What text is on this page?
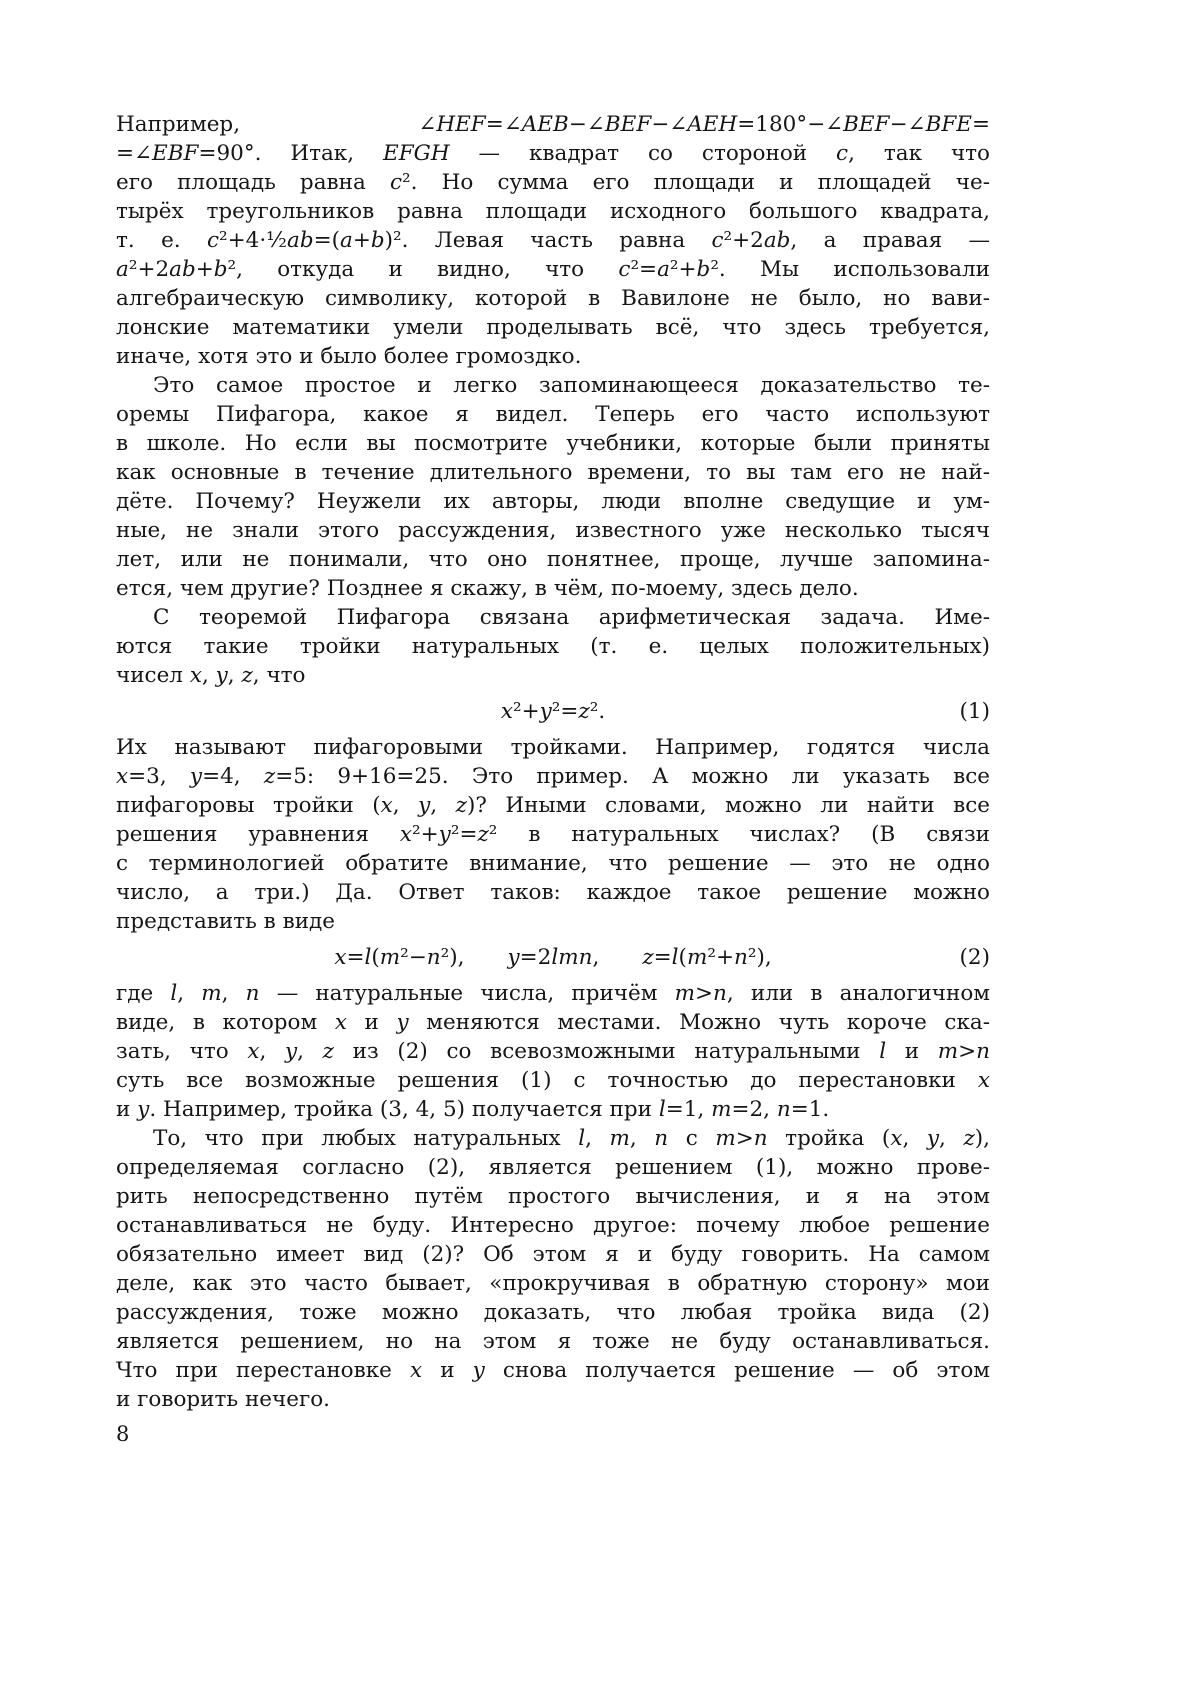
Например, ∠HEF=∠AEB−∠BEF−∠AEH=180°−∠BEF−∠BFE=
=∠EBF=90°. Итак, EFGH — квадрат со стороной c, так что
его площадь равна c². Но сумма его площади и площадей че-
тырёх треугольников равна площади исходного большого квадрата,
т. е. c²+4·½ab=(a+b)². Левая часть равна c²+2ab, а правая —
a²+2ab+b², откуда и видно, что c²=a²+b². Мы использовали
алгебраическую символику, которой в Вавилоне не было, но вави-
лонские математики умели проделывать всё, что здесь требуется,
иначе, хотя это и было более громоздко.
Это самое простое и легко запоминающееся доказательство те-
оремы Пифагора, какое я видел. Теперь его часто используют
в школе. Но если вы посмотрите учебники, которые были приняты
как основные в течение длительного времени, то вы там его не най-
дёте. Почему? Неужели их авторы, люди вполне сведущие и ум-
ные, не знали этого рассуждения, известного уже несколько тысяч
лет, или не понимали, что оно понятнее, проще, лучше запомина-
ется, чем другие? Позднее я скажу, в чём, по-моему, здесь дело.
С теоремой Пифагора связана арифметическая задача. Име-
ются такие тройки натуральных (т. е. целых положительных)
чисел x, y, z, что
x²+y²=z².	(1)
Их называют пифагоровыми тройками. Например, годятся числа
x=3, y=4, z=5: 9+16=25. Это пример. А можно ли указать все
пифагоровы тройки (x, y, z)? Иными словами, можно ли найти все
решения уравнения x²+y²=z² в натуральных числах? (В связи
с терминологией обратите внимание, что решение — это не одно
число, а три.) Да. Ответ таков: каждое такое решение можно
представить в виде
x=l(m²−n²),  y=2lmn,  z=l(m²+n²),	(2)
где l, m, n — натуральные числа, причём m>n, или в аналогичном
виде, в котором x и y меняются местами. Можно чуть короче ска-
зать, что x, y, z из (2) со всевозможными натуральными l и m>n
суть все возможные решения (1) с точностью до перестановки x
и y. Например, тройка (3, 4, 5) получается при l=1, m=2, n=1.
То, что при любых натуральных l, m, n с m>n тройка (x, y, z),
определяемая согласно (2), является решением (1), можно прове-
рить непосредственно путём простого вычисления, и я на этом
останавливаться не буду. Интересно другое: почему любое решение
обязательно имеет вид (2)? Об этом я и буду говорить. На самом
деле, как это часто бывает, «прокручивая в обратную сторону» мои
рассуждения, тоже можно доказать, что любая тройка вида (2)
является решением, но на этом я тоже не буду останавливаться.
Что при перестановке x и y снова получается решение — об этом
и говорить нечего.
8
